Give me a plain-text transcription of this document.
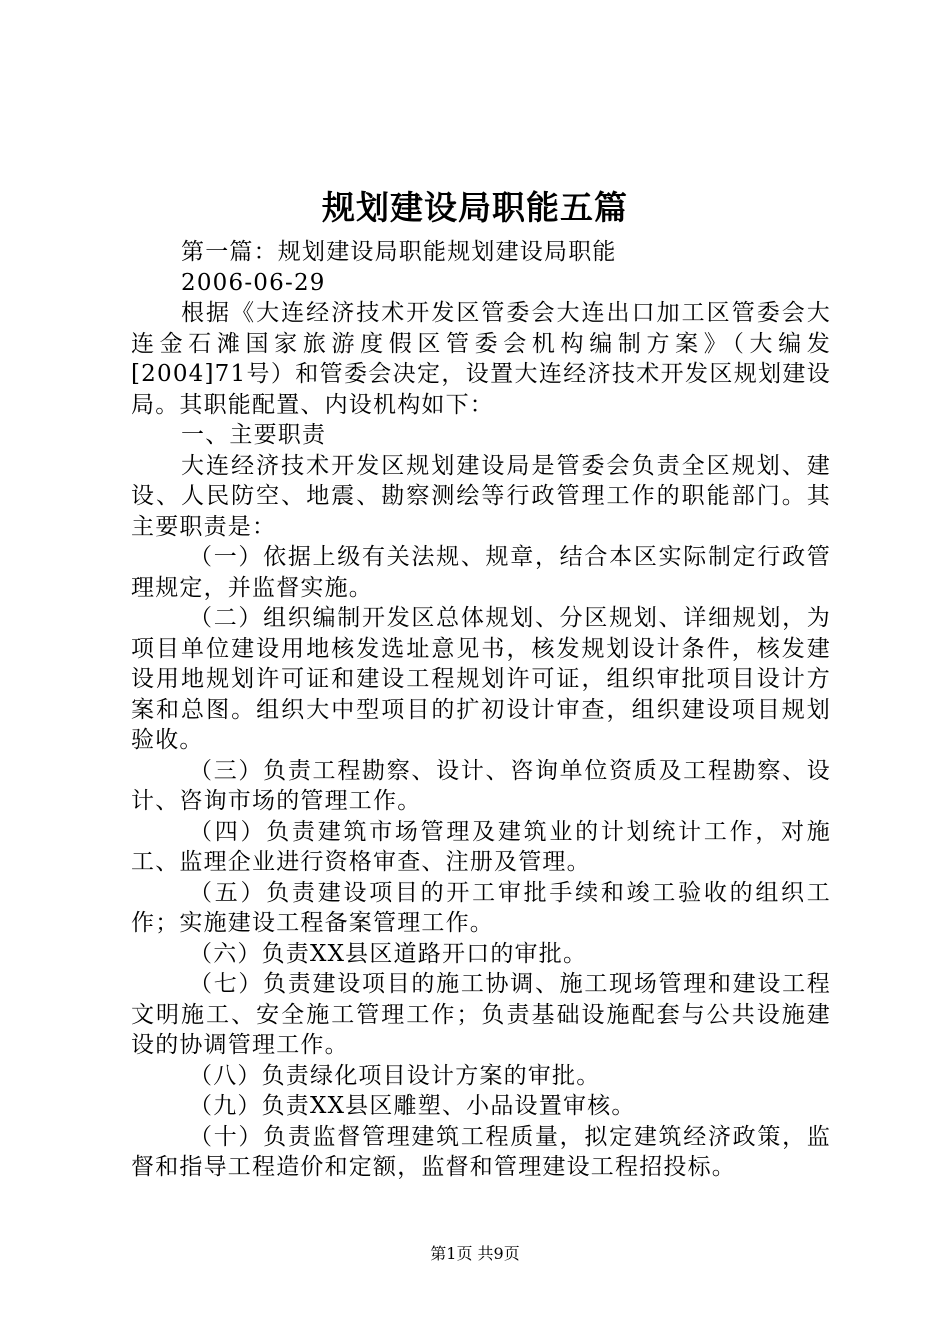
规划建设局职能五篇

第一篇：规划建设局职能规划建设局职能

2006-06-29

根据《大连经济技术开发区管委会大连出口加工区管委会大连金石滩国家旅游度假区管委会机构编制方案》（大编发[2004]71号）和管委会决定，设置大连经济技术开发区规划建设局。其职能配置、内设机构如下：

一、主要职责

大连经济技术开发区规划建设局是管委会负责全区规划、建设、人民防空、地震、勘察测绘等行政管理工作的职能部门。其主要职责是：

（一）依据上级有关法规、规章，结合本区实际制定行政管理规定，并监督实施。

（二）组织编制开发区总体规划、分区规划、详细规划，为项目单位建设用地核发选址意见书，核发规划设计条件，核发建设用地规划许可证和建设工程规划许可证，组织审批项目设计方案和总图。组织大中型项目的扩初设计审查，组织建设项目规划验收。

（三）负责工程勘察、设计、咨询单位资质及工程勘察、设计、咨询市场的管理工作。

（四）负责建筑市场管理及建筑业的计划统计工作，对施工、监理企业进行资格审查、注册及管理。

（五）负责建设项目的开工审批手续和竣工验收的组织工作；实施建设工程备案管理工作。

（六）负责XX县区道路开口的审批。

（七）负责建设项目的施工协调、施工现场管理和建设工程文明施工、安全施工管理工作；负责基础设施配套与公共设施建设的协调管理工作。

（八）负责绿化项目设计方案的审批。

（九）负责XX县区雕塑、小品设置审核。

（十）负责监督管理建筑工程质量，拟定建筑经济政策，监督和指导工程造价和定额，监督和管理建设工程招投标。

第1页 共9页
